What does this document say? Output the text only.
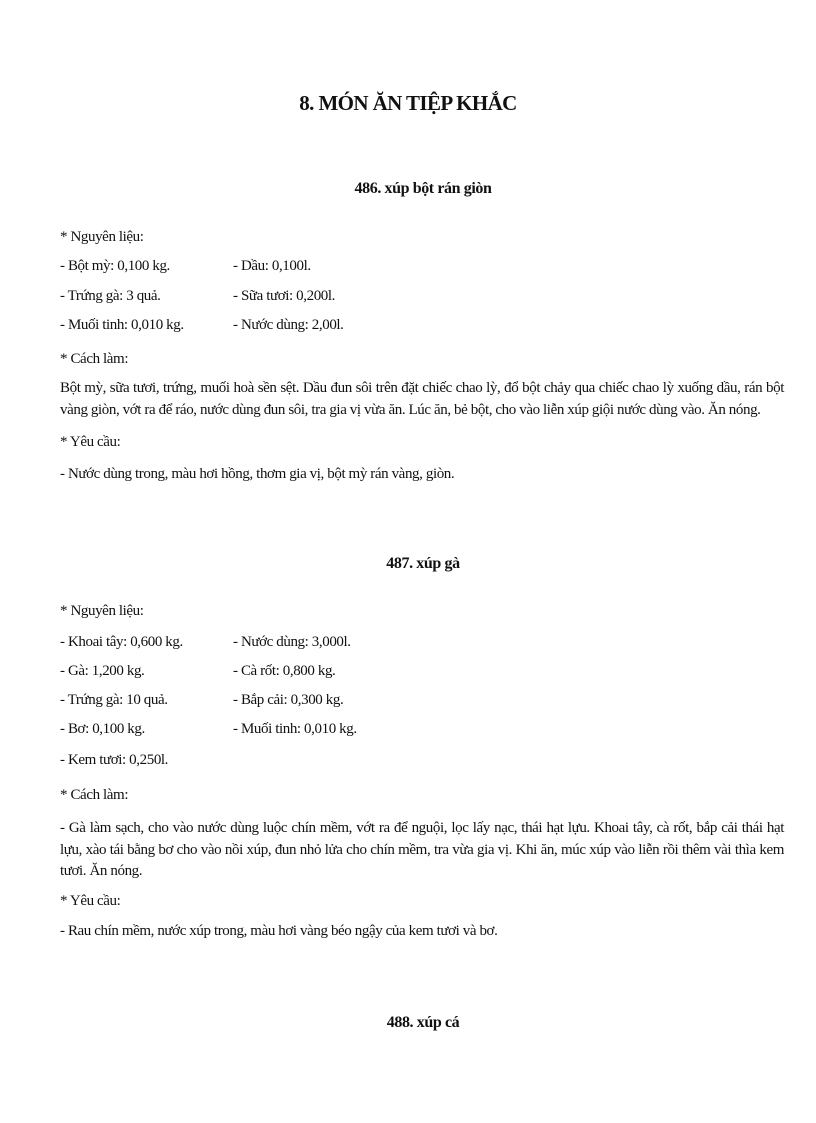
8. MÓN ĂN TIỆP KHẮC
486. xúp bột rán giòn
* Nguyên liệu:
- Bột mỳ: 0,100 kg.	- Dầu: 0,100l.
- Trứng gà: 3 quả.	- Sữa tươi: 0,200l.
- Muối tinh: 0,010 kg.	- Nước dùng: 2,00l.
* Cách làm:
Bột mỳ, sữa tươi, trứng, muối hoà sền sệt. Dầu đun sôi trên đặt chiếc chao lỳ, đổ bột chảy qua chiếc chao lỳ xuống dầu, rán bột vàng giòn, vớt ra để ráo, nước dùng đun sôi, tra gia vị vừa ăn. Lúc ăn, bẻ bột, cho vào liễn xúp giội nước dùng vào. Ăn nóng.
* Yêu cầu:
- Nước dùng trong, màu hơi hồng, thơm gia vị, bột mỳ rán vàng, giòn.
487. xúp gà
* Nguyên liệu:
- Khoai tây: 0,600 kg.	- Nước dùng: 3,000l.
- Gà: 1,200 kg.	- Cà rốt: 0,800 kg.
- Trứng gà: 10 quả.	- Bắp cải: 0,300 kg.
- Bơ: 0,100 kg.	- Muối tinh: 0,010 kg.
- Kem tươi: 0,250l.
* Cách làm:
- Gà làm sạch, cho vào nước dùng luộc chín mềm, vớt ra để nguội, lọc lấy nạc, thái hạt lựu. Khoai tây, cà rốt, bắp cải thái hạt lựu, xào tái bằng bơ cho vào nồi xúp, đun nhỏ lửa cho chín mềm, tra vừa gia vị. Khi ăn, múc xúp vào liễn rồi thêm vài thìa kem tươi. Ăn nóng.
* Yêu cầu:
- Rau chín mềm, nước xúp trong, màu hơi vàng béo ngậy của kem tươi và bơ.
488. xúp cá
